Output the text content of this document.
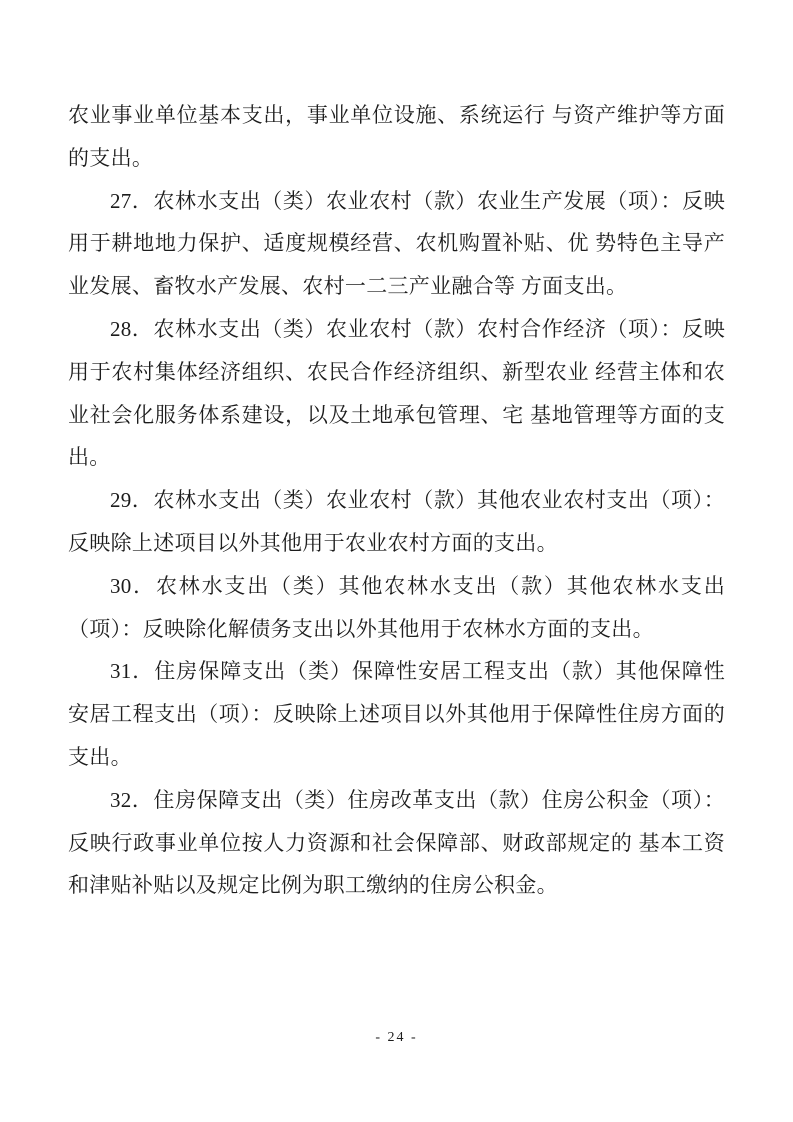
农业事业单位基本支出，事业单位设施、系统运行 与资产维护等方面的支出。

27．农林水支出（类）农业农村（款）农业生产发展（项）：反映用于耕地地力保护、适度规模经营、农机购置补贴、优 势特色主导产业发展、畜牧水产发展、农村一二三产业融合等 方面支出。

28．农林水支出（类）农业农村（款）农村合作经济（项）：反映用于农村集体经济组织、农民合作经济组织、新型农业 经营主体和农业社会化服务体系建设，以及土地承包管理、宅 基地管理等方面的支出。

29．农林水支出（类）农业农村（款）其他农业农村支出（项）：反映除上述项目以外其他用于农业农村方面的支出。

30．农林水支出（类）其他农林水支出（款）其他农林水支出（项）：反映除化解债务支出以外其他用于农林水方面的支出。

31．住房保障支出（类）保障性安居工程支出（款）其他保障性安居工程支出（项）：反映除上述项目以外其他用于保障性住房方面的支出。

32．住房保障支出（类）住房改革支出（款）住房公积金（项）：反映行政事业单位按人力资源和社会保障部、财政部规定的 基本工资和津贴补贴以及规定比例为职工缴纳的住房公积金。

- 24 -
